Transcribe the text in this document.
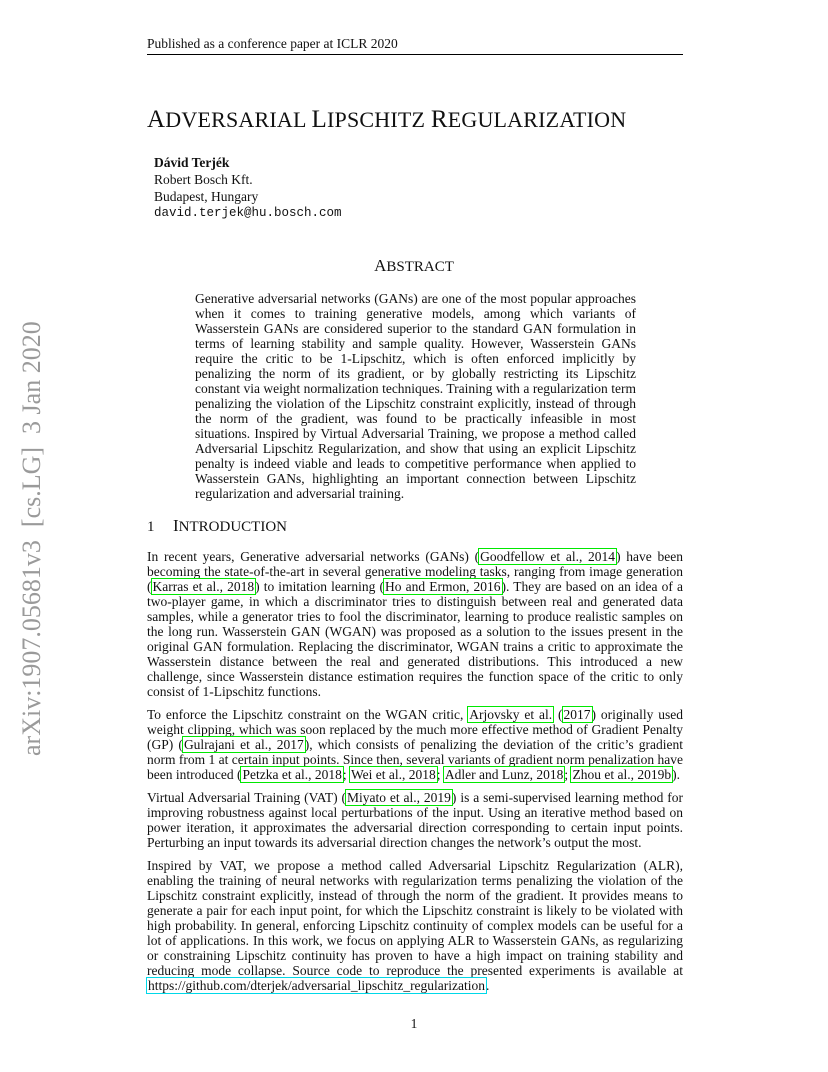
Published as a conference paper at ICLR 2020
ADVERSARIAL LIPSCHITZ REGULARIZATION
Dávid Terjék
Robert Bosch Kft.
Budapest, Hungary
david.terjek@hu.bosch.com
arXiv:1907.05681v3  [cs.LG]  3 Jan 2020
ABSTRACT

Generative adversarial networks (GANs) are one of the most popular approaches when it comes to training generative models, among which variants of Wasserstein GANs are considered superior to the standard GAN formulation in terms of learning stability and sample quality. However, Wasserstein GANs require the critic to be 1-Lipschitz, which is often enforced implicitly by penalizing the norm of its gradient, or by globally restricting its Lipschitz constant via weight normalization techniques. Training with a regularization term penalizing the violation of the Lipschitz constraint explicitly, instead of through the norm of the gradient, was found to be practically infeasible in most situations. Inspired by Virtual Adversarial Training, we propose a method called Adversarial Lipschitz Regularization, and show that using an explicit Lipschitz penalty is indeed viable and leads to competitive performance when applied to Wasserstein GANs, highlighting an important connection between Lipschitz regularization and adversarial training.

1 INTRODUCTION

In recent years, Generative adversarial networks (GANs) (Goodfellow et al., 2014) have been becoming the state-of-the-art in several generative modeling tasks, ranging from image generation (Karras et al., 2018) to imitation learning (Ho and Ermon, 2016). They are based on an idea of a two-player game, in which a discriminator tries to distinguish between real and generated data samples, while a generator tries to fool the discriminator, learning to produce realistic samples on the long run. Wasserstein GAN (WGAN) was proposed as a solution to the issues present in the original GAN formulation. Replacing the discriminator, WGAN trains a critic to approximate the Wasserstein distance between the real and generated distributions. This introduced a new challenge, since Wasserstein distance estimation requires the function space of the critic to only consist of 1-Lipschitz functions.

To enforce the Lipschitz constraint on the WGAN critic, Arjovsky et al. (2017) originally used weight clipping, which was soon replaced by the much more effective method of Gradient Penalty (GP) (Gulrajani et al., 2017), which consists of penalizing the deviation of the critic’s gradient norm from 1 at certain input points. Since then, several variants of gradient norm penalization have been introduced (Petzka et al., 2018; Wei et al., 2018; Adler and Lunz, 2018; Zhou et al., 2019b).

Virtual Adversarial Training (VAT) (Miyato et al., 2019) is a semi-supervised learning method for improving robustness against local perturbations of the input. Using an iterative method based on power iteration, it approximates the adversarial direction corresponding to certain input points. Perturbing an input towards its adversarial direction changes the network’s output the most.

Inspired by VAT, we propose a method called Adversarial Lipschitz Regularization (ALR), enabling the training of neural networks with regularization terms penalizing the violation of the Lipschitz constraint explicitly, instead of through the norm of the gradient. It provides means to generate a pair for each input point, for which the Lipschitz constraint is likely to be violated with high probability. In general, enforcing Lipschitz continuity of complex models can be useful for a lot of applications. In this work, we focus on applying ALR to Wasserstein GANs, as regularizing or constraining Lipschitz continuity has proven to have a high impact on training stability and reducing mode collapse. Source code to reproduce the presented experiments is available at https://github.com/dterjek/adversarial_lipschitz_regularization.

1
